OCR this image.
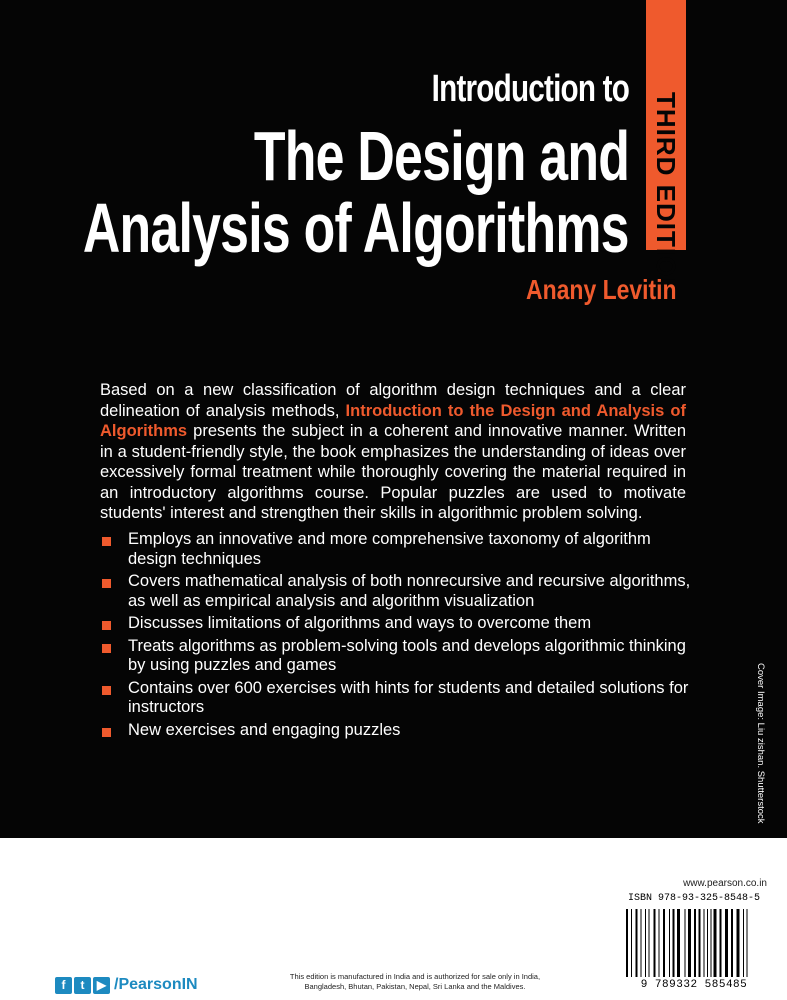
THIRD EDITION
Introduction to
The Design and
Analysis of Algorithms
Anany Levitin

Based on a new classification of algorithm design techniques and a clear delineation of analysis methods, Introduction to the Design and Analysis of Algorithms presents the subject in a coherent and innovative manner. Written in a student-friendly style, the book emphasizes the understanding of ideas over excessively formal treatment while thoroughly covering the material required in an introductory algorithms course. Popular puzzles are used to motivate students' interest and strengthen their skills in algorithmic problem solving.

Employs an innovative and more comprehensive taxonomy of algorithm design techniques
Covers mathematical analysis of both nonrecursive and recursive algorithms, as well as empirical analysis and algorithm visualization
Discusses limitations of algorithms and ways to overcome them
Treats algorithms as problem-solving tools and develops algorithmic thinking by using puzzles and games
Contains over 600 exercises with hints for students and detailed solutions for instructors
New exercises and engaging puzzles	Cover Image: Liu zishan. Shutterstock
www.pearson.co.in
ISBN 978-93-325-8548-5
9 789332 585485
f	t	▶ /PearsonIN	This edition is manufactured in India and is authorized for sale only in India, Bangladesh, Bhutan, Pakistan, Nepal, Sri Lanka and the Maldives.
